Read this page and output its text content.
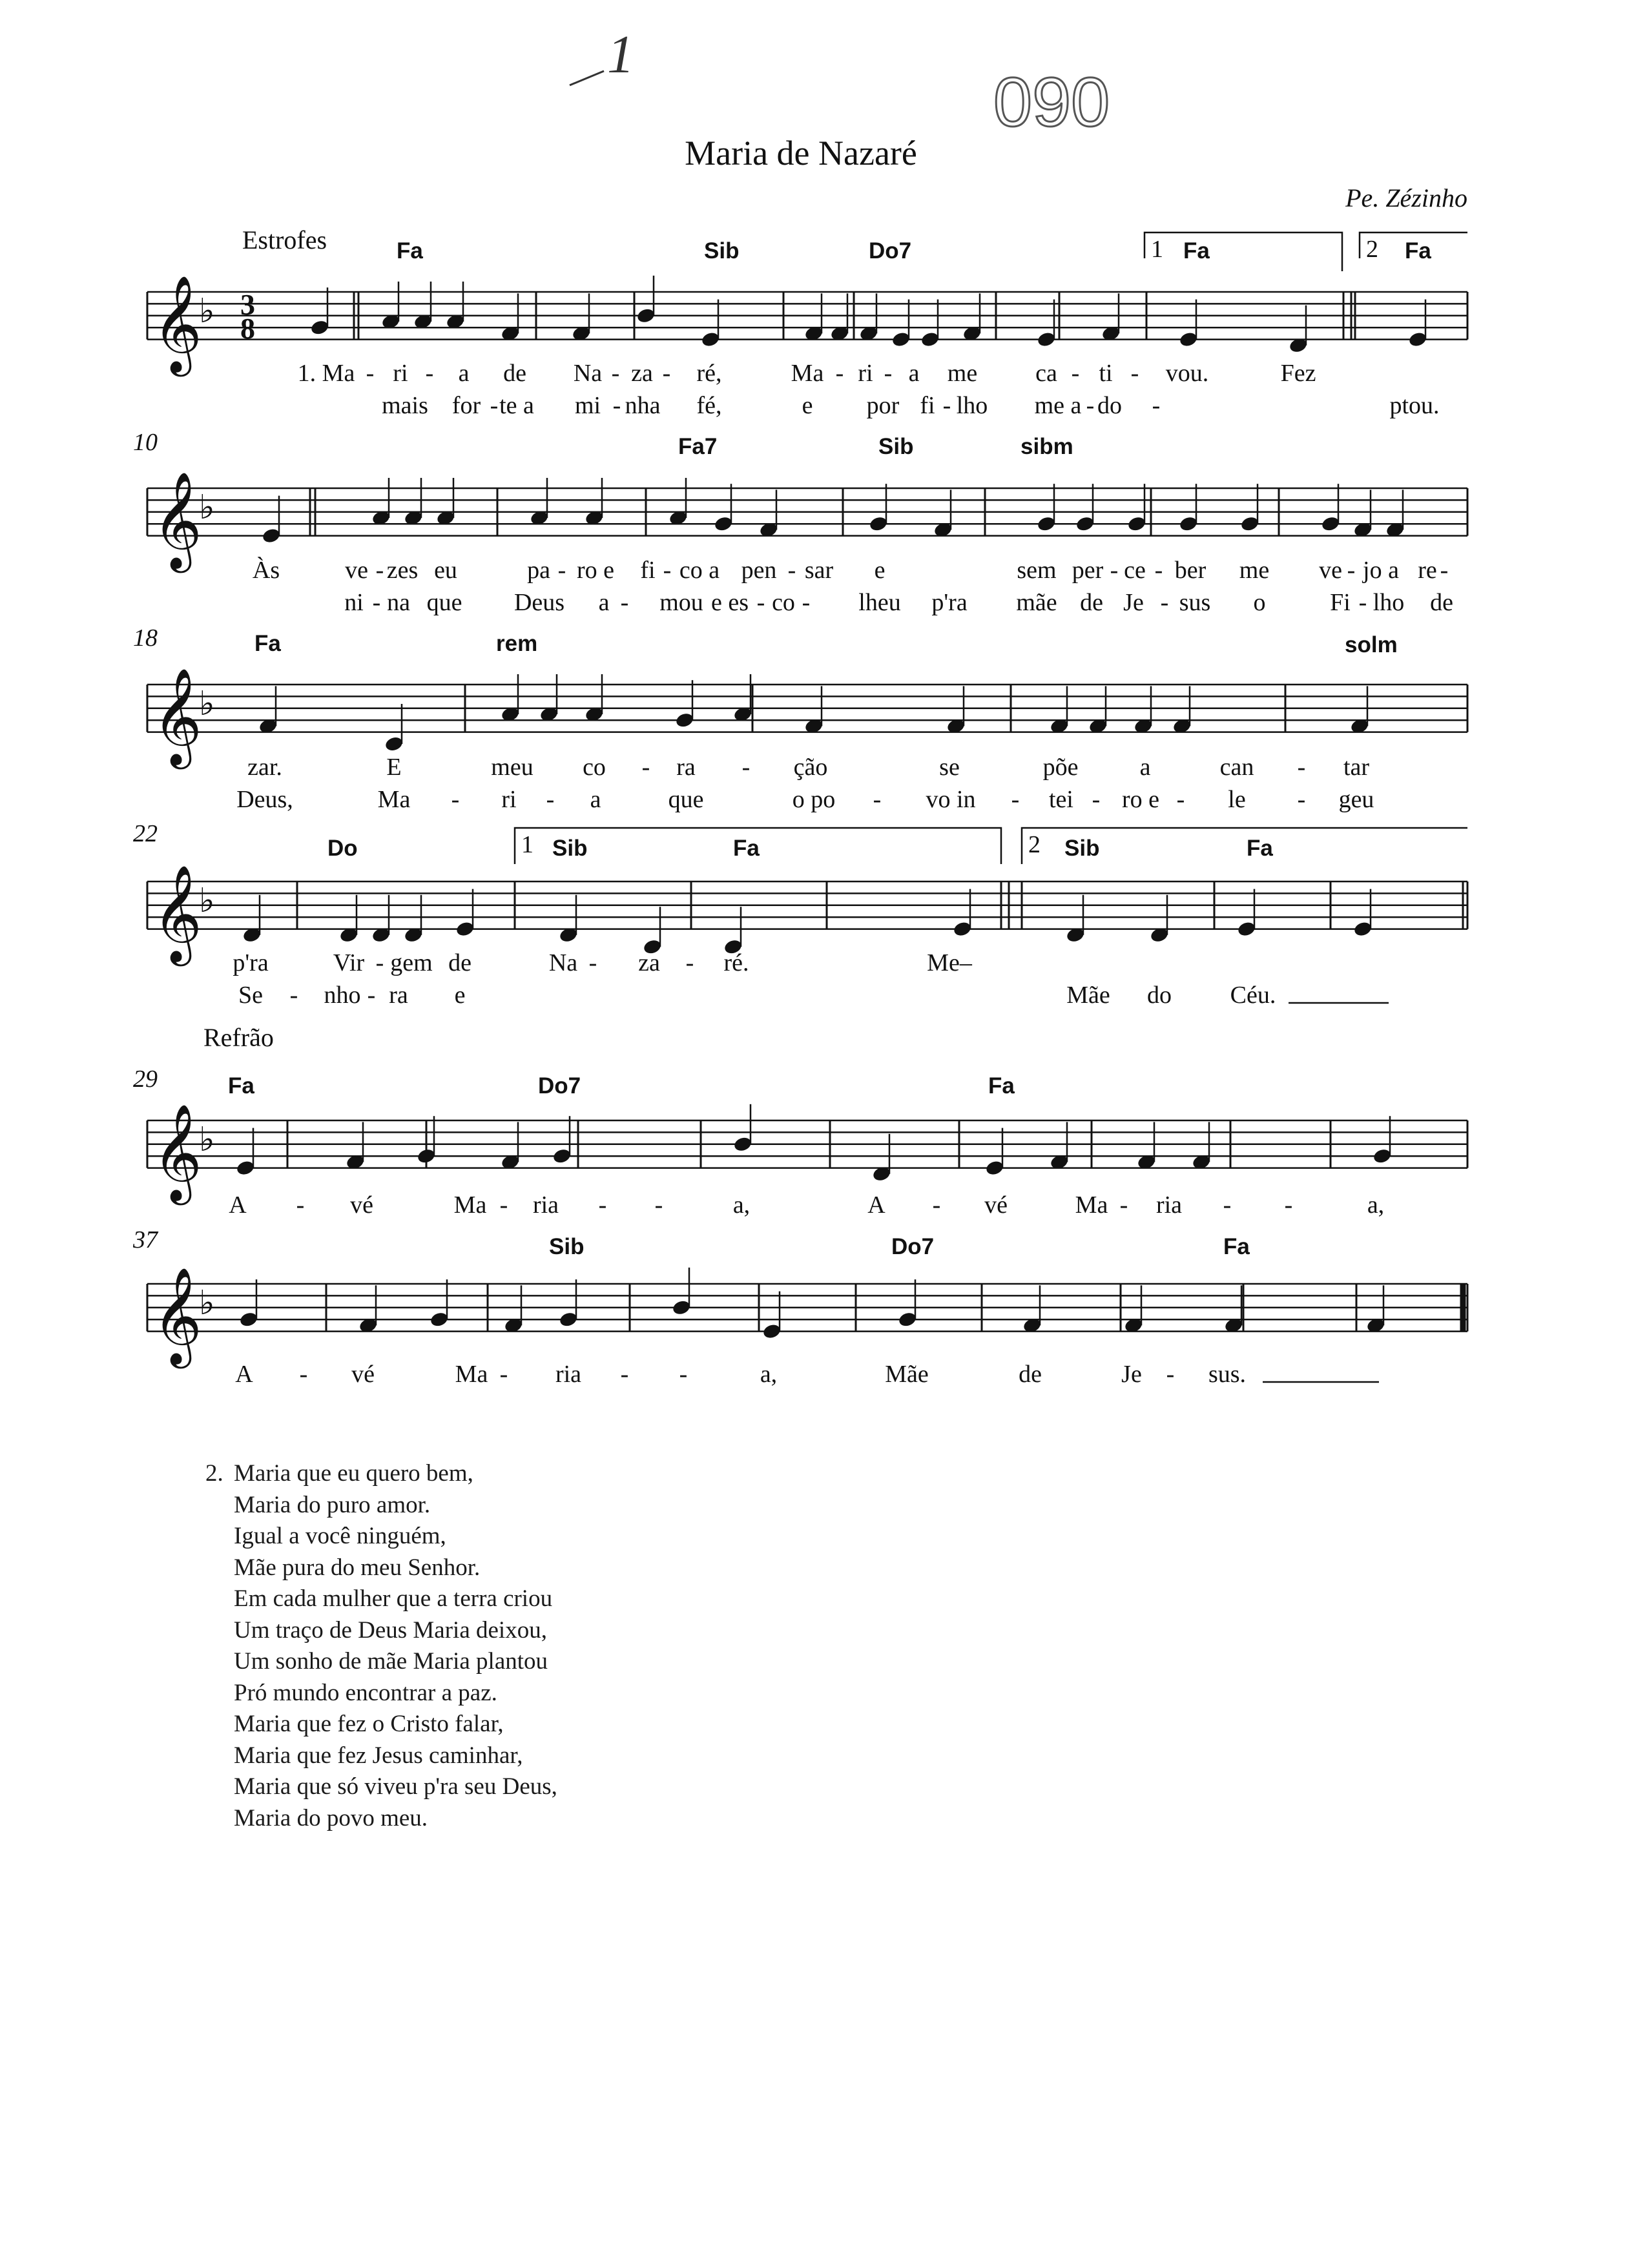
𝄞
♭
𝄞
♭
𝄞
♭
𝄞
♭
𝄞
♭
𝄞
♭
3
8
1
090
Maria de Nazaré
Pe. Zézinho
Estrofes
Refrão
10
18
22
29
37
1	2
1	2
Fa	Sib	Do7	Fa	Fa
Fa7	Sib	sibm
Fa	rem	solm
Do	Sib	Fa	Sib	Fa
Fa	Do7	Fa
Sib	Do7	Fa
1. Ma - ri - a de Na - za - ré,	Ma - ri - a me ca - ti - vou.	Fez
mais for - te a mi - nha fé,	e por fi - lho me a - do -	ptou.
Às	ve - zes eu	pa - ro e fi - co a pen - sar e	sem per - ce - ber me ve - jo a re -
ni - na que Deus a - mou e es - co - lheu p'ra mãe de Je - sus o	Fi - lho de
zar.	E	meu co - ra - ção	se	põe	a	can - tar
Deus,	Ma - ri - a	que	o po - vo in - tei - ro e - le - geu
p'ra	Vir - gem de	Na - za - ré.	Me–
Se - nho - ra e	Mãe do Céu.
A - vé	Ma - ria - -	a,	A - vé	Ma - ria - -	a,
A - vé	Ma - ria - -	a,	Mãe	de	Je - sus.
2. Maria que eu quero bem,
Maria do puro amor.
Igual a você ninguém,
Mãe pura do meu Senhor.
Em cada mulher que a terra criou
Um traço de Deus Maria deixou,
Um sonho de mãe Maria plantou
Pró mundo encontrar a paz.
Maria que fez o Cristo falar,
Maria que fez Jesus caminhar,
Maria que só viveu p'ra seu Deus,
Maria do povo meu.
